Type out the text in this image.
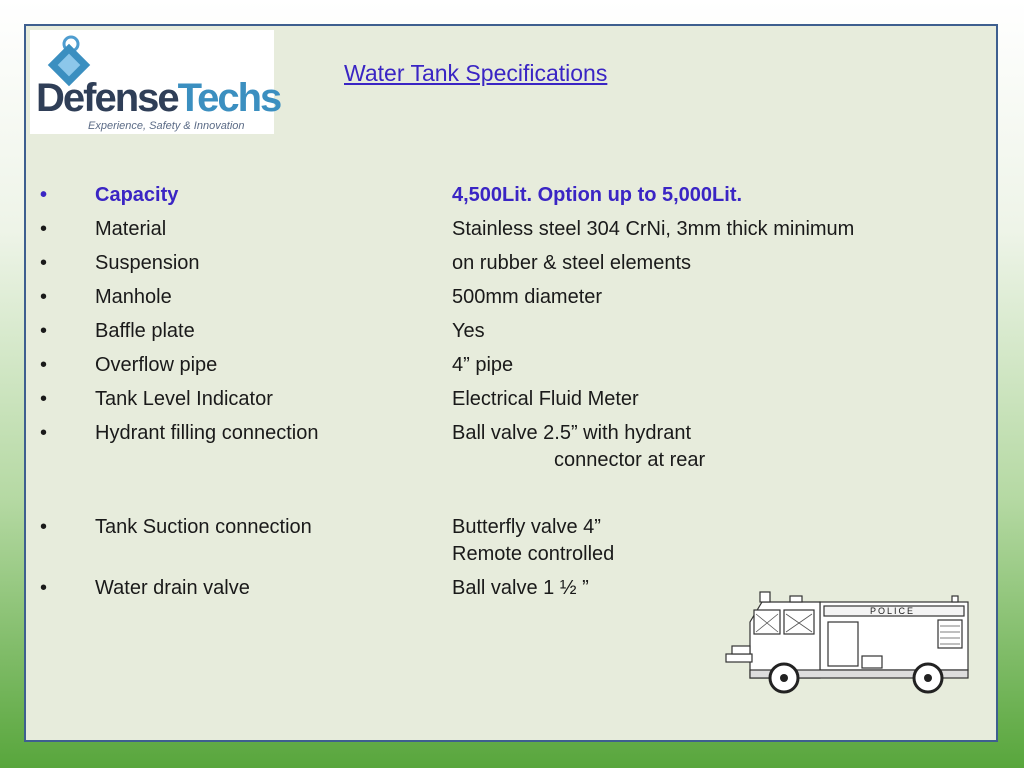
DefenseTechs
Experience, Safety & Innovation
Water Tank Specifications
• Capacity	4,500Lit. Option up to 5,000Lit.
• Material	Stainless steel 304 CrNi, 3mm thick minimum
• Suspension	on rubber & steel elements
• Manhole	500mm diameter
• Baffle plate	Yes
• Overflow pipe	4” pipe
• Tank Level Indicator	Electrical Fluid Meter
• Hydrant filling connection	Ball valve 2.5” with hydrant
connector at rear
• Tank Suction connection	Butterfly valve 4”
Remote controlled
• Water drain valve	Ball valve 1 ½ ”
POLICE
